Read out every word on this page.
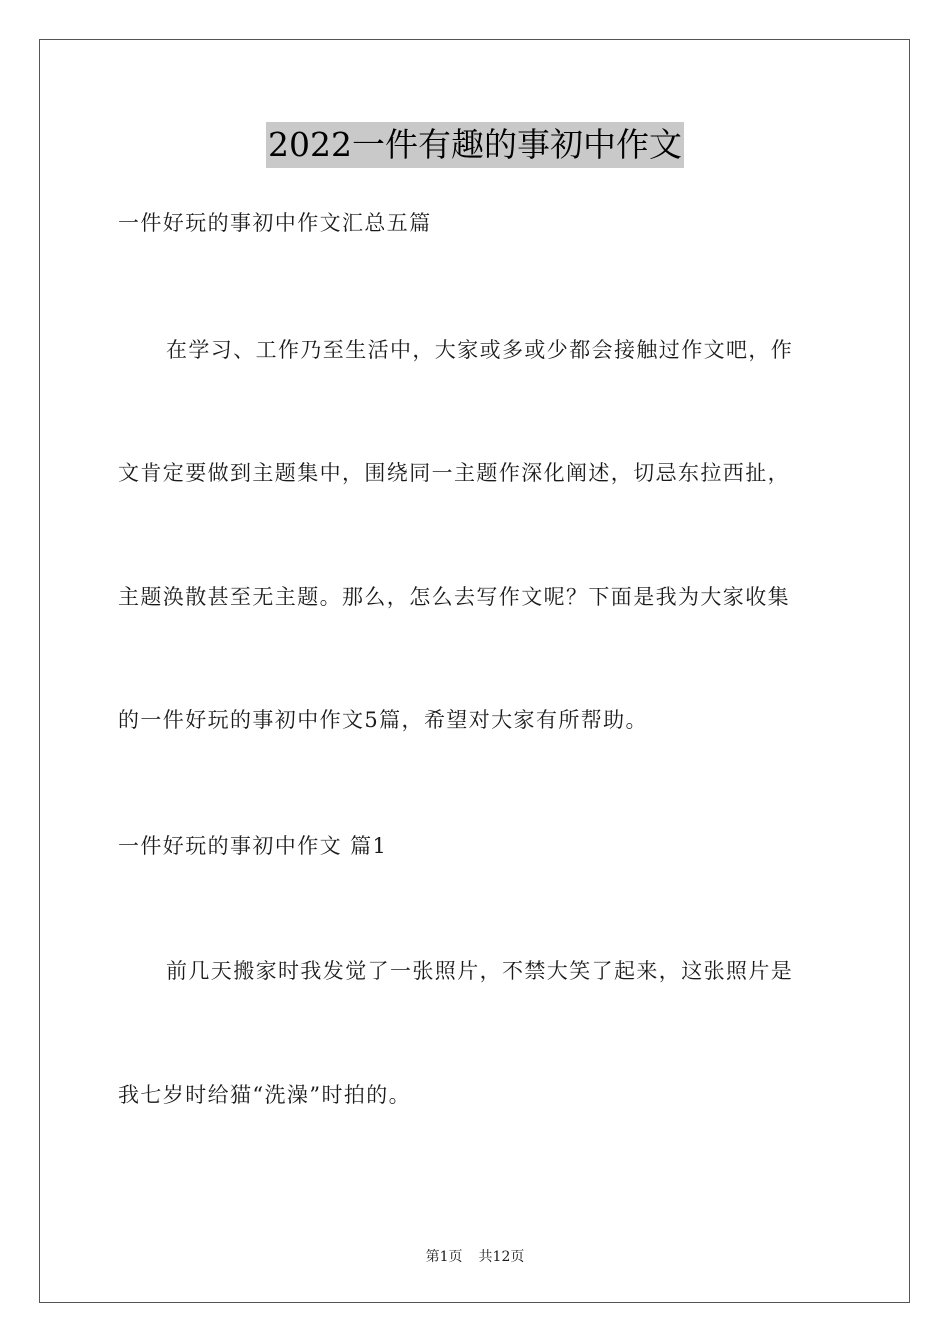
2022一件有趣的事初中作文
一件好玩的事初中作文汇总五篇
在学习、工作乃至生活中，大家或多或少都会接触过作文吧，作
文肯定要做到主题集中，围绕同一主题作深化阐述，切忌东拉西扯，
主题涣散甚至无主题。那么，怎么去写作文呢？下面是我为大家收集
的一件好玩的事初中作文5篇，希望对大家有所帮助。
一件好玩的事初中作文 篇1
前几天搬家时我发觉了一张照片，不禁大笑了起来，这张照片是
我七岁时给猫“洗澡”时拍的。
第1页 共12页
